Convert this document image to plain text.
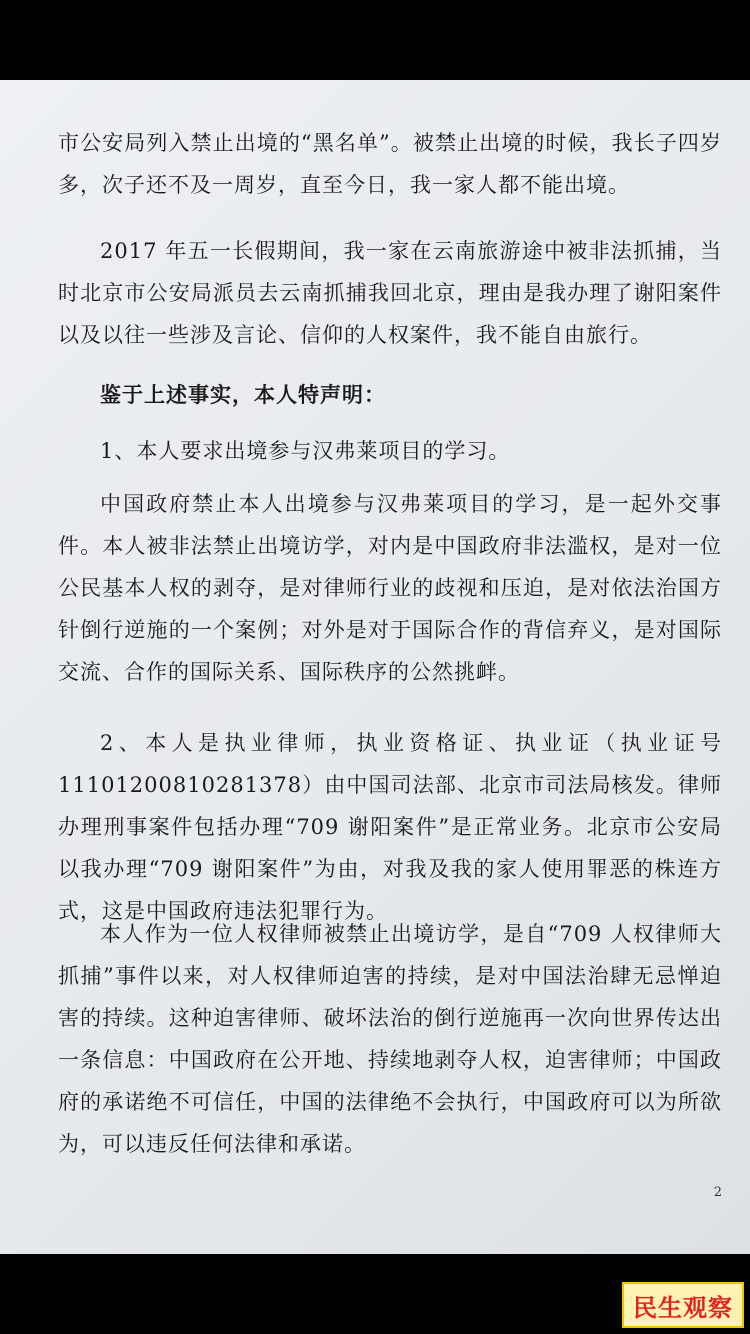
市公安局列入禁止出境的“黑名单”。被禁止出境的时候，我长子四岁多，次子还不及一周岁，直至今日，我一家人都不能出境。

2017 年五一长假期间，我一家在云南旅游途中被非法抓捕，当时北京市公安局派员去云南抓捕我回北京，理由是我办理了谢阳案件以及以往一些涉及言论、信仰的人权案件，我不能自由旅行。

鉴于上述事实，本人特声明：

1、本人要求出境参与汉弗莱项目的学习。

中国政府禁止本人出境参与汉弗莱项目的学习，是一起外交事件。本人被非法禁止出境访学，对内是中国政府非法滥权，是对一位公民基本人权的剥夺，是对律师行业的歧视和压迫，是对依法治国方针倒行逆施的一个案例；对外是对于国际合作的背信弃义，是对国际交流、合作的国际关系、国际秩序的公然挑衅。

2、本人是执业律师，执业资格证、执业证（执业证号 11101200810281378）由中国司法部、北京市司法局核发。律师办理刑事案件包括办理“709 谢阳案件”是正常业务。北京市公安局以我办理“709 谢阳案件”为由，对我及我的家人使用罪恶的株连方式，这是中国政府违法犯罪行为。

本人作为一位人权律师被禁止出境访学，是自“709 人权律师大抓捕”事件以来，对人权律师迫害的持续，是对中国法治肆无忌惮迫害的持续。这种迫害律师、破坏法治的倒行逆施再一次向世界传达出一条信息：中国政府在公开地、持续地剥夺人权，迫害律师；中国政府的承诺绝不可信任，中国的法律绝不会执行，中国政府可以为所欲为，可以违反任何法律和承诺。

2
民生观察
